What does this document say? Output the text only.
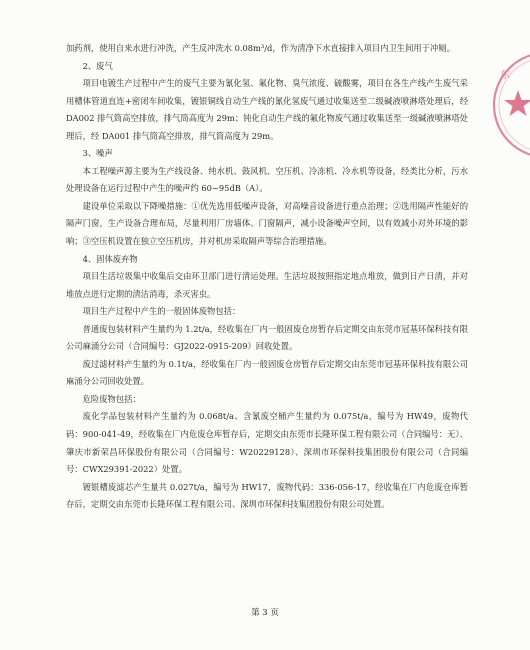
加药剂，使用自来水进行冲洗，产生反冲洗水 0.08m³/d，作为清净下水直接排入项目内卫生间用于冲厕。

2、废气

项目电镀生产过程中产生的废气主要为氰化氢、氟化物、臭气浓度、硫酸雾，项目在各生产线产生废气采用槽体管道直连+密闭车间收集，镀银铜线自动生产线的氰化氢废气通过收集送至二级碱液喷淋塔处理后，经 DA002 排气筒高空排放，排气筒高度为 29m；钝化自动生产线的氟化物废气通过收集送至一级碱液喷淋塔处理后，经 DA001 排气筒高空排放，排气筒高度为 29m。

3、噪声

本工程噪声源主要为生产线设备、纯水机、鼓风机、空压机、冷冻机、冷水机等设备，经类比分析，污水处理设备在运行过程中产生的噪声约 60~95dB（A）。

建设单位采取以下降噪措施：①优先选用低噪声设备，对高噪音设备进行重点治理；②选用隔声性能好的隔声门窗，生产设备合理布局，尽量利用厂房墙体、门窗隔声，减小设备噪声空间，以有效减小对外环境的影响；③空压机设置在独立空压机房，并对机房采取隔声等综合治理措施。

4、固体废弃物

项目生活垃圾集中收集后交由环卫部门进行清运处理。生活垃圾按照指定地点堆放，做到日产日清，并对堆放点进行定期的清洁消毒，杀灭害虫。

项目生产过程中产生的一般固体废物包括：

普通废包装材料产生量约为 1.2t/a，经收集在厂内一般固废仓房暂存后定期交由东莞市冠基环保科技有限公司麻涌分公司（合同编号：GJ2022-0915-209）回收处置。

废过滤材料产生量约为 0.1t/a，经收集在厂内一般固废仓房暂存后定期交由东莞市冠基环保科技有限公司麻涌分公司回收处置。

危险废物包括：

废化学品包装材料产生量约为 0.068t/a、含氰废空桶产生量约为 0.075t/a，编号为 HW49，废物代码：900-041-49，经收集在厂内危废仓库暂存后，定期交由东莞市长隆环保工程有限公司（合同编号：无）、肇庆市新荣昌环保股份有限公司（合同编号：W20229128）、深圳市环保科技集团股份有限公司（合同编号：CWX29391-2022）处置。

镀银槽废滤芯产生量共 0.027t/a，编号为 HW17，废物代码：336-056-17，经收集在厂内危废仓库暂存后，定期交由东莞市长隆环保工程有限公司、深圳市环保科技集团股份有限公司处置。

东
第 3 页
